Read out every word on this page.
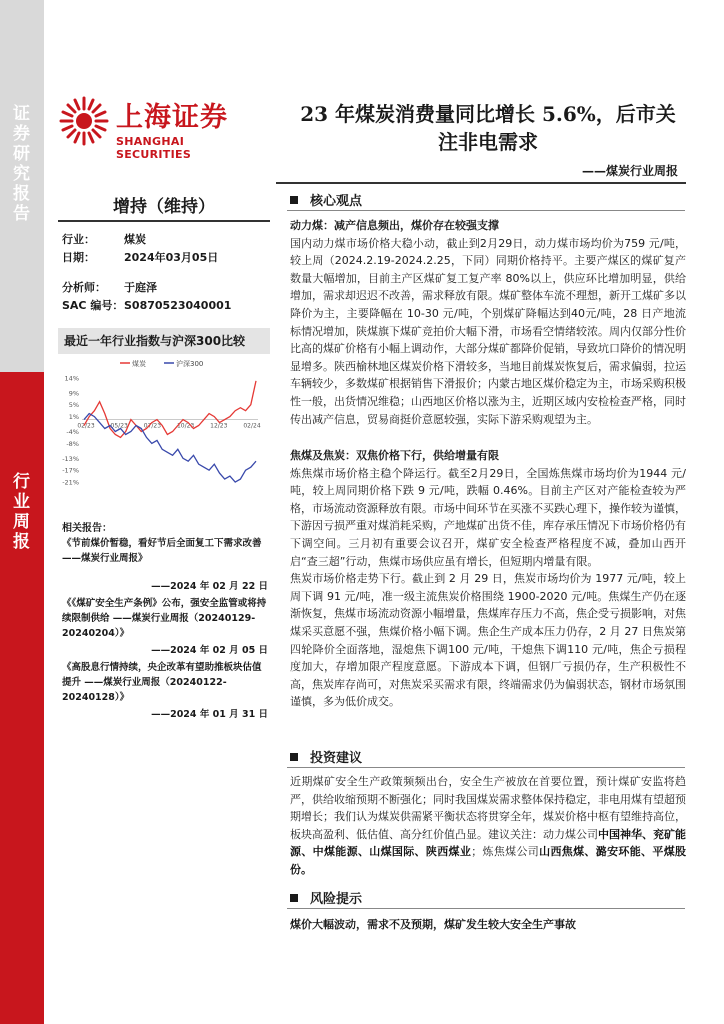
证
券
研
究
报
告
行
业
周
报
上海证券
SHANGHAI SECURITIES
23 年煤炭消费量同比增长 5.6%，后市关
注非电需求
——煤炭行业周报
增持（维持）
行业：	煤炭
日期：	2024年03月05日
分析师： 于庭泽
SAC 编号：S0870523040001
最近一年行业指数与沪深300比较
煤炭	沪深300
14%
9%
5%
1%
-4%
-8%
-13%
-17%
-21%
02/23	05/23	07/23	10/23	12/23	02/24
相关报告：
《节前煤价暂稳，看好节后全面复工下需求改善——煤炭行业周报》
——2024 年 02 月 22 日
《《煤矿安全生产条例》公布，强安全监管或将持续限制供给 ——煤炭行业周报（20240129-20240204）》
——2024 年 02 月 05 日
《高股息行情持续，央企改革有望助推板块估值提升 ——煤炭行业周报（20240122-20240128）》
——2024 年 01 月 31 日
核心观点
动力煤：减产信息频出，煤价存在较强支撑
国内动力煤市场价格大稳小动，截止到2月29日，动力煤市场均价为759 元/吨，较上周（2024.2.19-2024.2.25，下同）同期价格持平。主要产煤区的煤矿复产数量大幅增加，目前主产区煤矿复工复产率 80%以上，供应环比增加明显，供给增加，需求却迟迟不改善，需求释放有限。煤矿整体车流不理想，新开工煤矿多以降价为主，主要降幅在 10-30 元/吨，个别煤矿降幅达到40元/吨，28 日产地流标情况增加，陕煤旗下煤矿竞拍价大幅下滑，市场看空情绪较浓。周内仅部分性价比高的煤矿价格有小幅上调动作，大部分煤矿都降价促销，导致坑口降价的情况明显增多。陕西榆林地区煤炭价格下滑较多，当地目前煤炭恢复后，需求偏弱，拉运车辆较少，多数煤矿根据销售下滑报价；内蒙古地区煤价稳定为主，市场采购积极性一般，出货情况维稳；山西地区价格以涨为主，近期区域内安检检查严格，同时传出减产信息，贸易商挺价意愿较强，实际下游采购观望为主。
焦煤及焦炭：双焦价格下行，供给增量有限
炼焦煤市场价格主稳个降运行。截至2月29日，全国炼焦煤市场均价为1944 元/吨，较上周同期价格下跌 9 元/吨，跌幅 0.46%。目前主产区对产能检查较为严格，市场流动资源释放有限。市场中间环节在买涨不买跌心理下，操作较为谨慎，下游因亏损严重对煤消耗采购，产地煤矿出货不佳，库存承压情况下市场价格仍有下调空间。三月初有重要会议召开，煤矿安全检查严格程度不减，叠加山西开启“查三超”行动，焦煤市场供应虽有增长，但短期内增量有限。
焦炭市场价格走势下行。截止到 2 月 29 日，焦炭市场均价为 1977 元/吨，较上周下调 91 元/吨，准一级主流焦炭价格围绕 1900-2020 元/吨。焦煤生产仍在逐渐恢复，焦煤市场流动资源小幅增量，焦煤库存压力不高，焦企受亏损影响，对焦煤采买意愿不强，焦煤价格小幅下调。焦企生产成本压力仍存，2 月 27 日焦炭第四轮降价全面落地，湿熄焦下调100 元/吨，干熄焦下调110 元/吨，焦企亏损程度加大，存增加限产程度意愿。下游成本下调，但钢厂亏损仍存，生产积极性不高，焦炭库存尚可，对焦炭采买需求有限，终端需求仍为偏弱状态，钢材市场氛围谨慎，多为低价成交。
投资建议
近期煤矿安全生产政策频频出台，安全生产被放在首要位置，预计煤矿安监将趋严，供给收缩预期不断强化；同时我国煤炭需求整体保持稳定，非电用煤有望超预期增长；我们认为煤炭供需紧平衡状态将贯穿全年，煤炭价格中枢有望维持高位，板块高盈利、低估值、高分红价值凸显。建议关注：动力煤公司中国神华、兖矿能源、中煤能源、山煤国际、陕西煤业；炼焦煤公司山西焦煤、潞安环能、平煤股份。
风险提示
煤价大幅波动，需求不及预期，煤矿发生较大安全生产事故
